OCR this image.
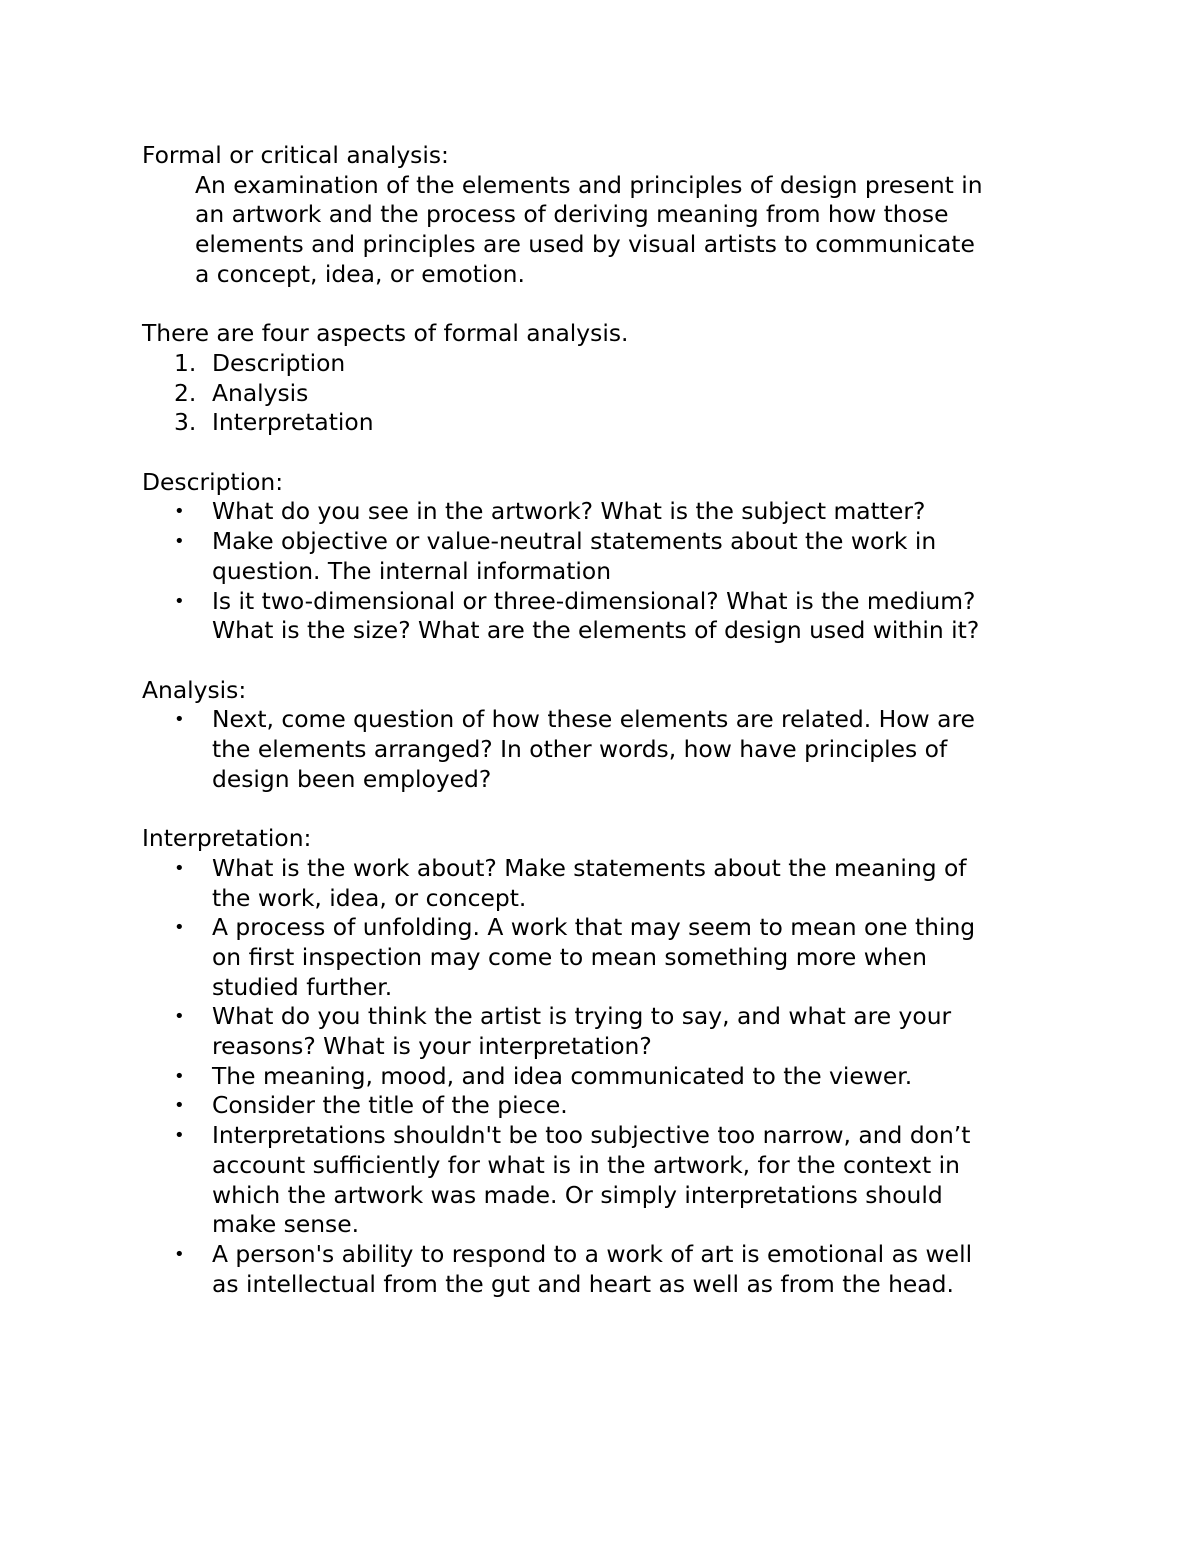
Formal or critical analysis:

An examination of the elements and principles of design present in
an artwork and the process of deriving meaning from how those
elements and principles are used by visual artists to communicate
a concept, idea, or emotion.

There are four aspects of formal analysis.

1. Description
2. Analysis
3. Interpretation

Description:

•	What do you see in the artwork? What is the subject matter?
•	Make objective or value-neutral statements about the work in
question. The internal information
•	Is it two-dimensional or three-dimensional? What is the medium?
What is the size? What are the elements of design used within it?

Analysis:

•	Next, come question of how these elements are related. How are
the elements arranged? In other words, how have principles of
design been employed?

Interpretation:

•	What is the work about? Make statements about the meaning of
the work, idea, or concept.
•	A process of unfolding. A work that may seem to mean one thing
on first inspection may come to mean something more when
studied further.
•	What do you think the artist is trying to say, and what are your
reasons? What is your interpretation?
•	The meaning, mood, and idea communicated to the viewer.
•	Consider the title of the piece.
•	Interpretations shouldn't be too subjective too narrow, and don’t
account sufficiently for what is in the artwork, for the context in
which the artwork was made. Or simply interpretations should
make sense.
•	A person's ability to respond to a work of art is emotional as well
as intellectual from the gut and heart as well as from the head.
